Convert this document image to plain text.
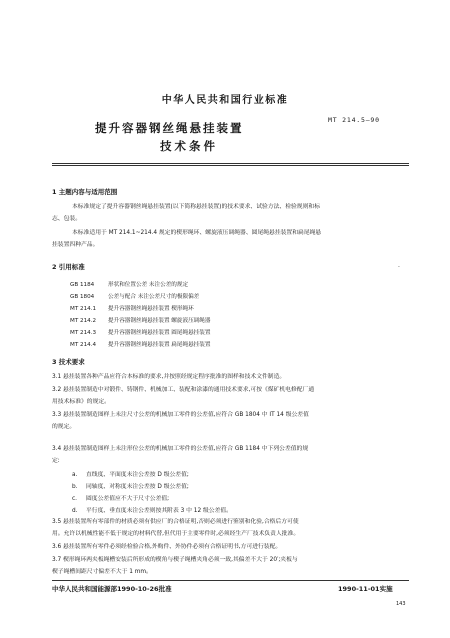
中华人民共和国行业标准
提升容器钢丝绳悬挂装置
技术条件
MT 214.5—90
1 主题内容与适用范围
本标准规定了提升容器钢丝绳悬挂装置(以下简称悬挂装置)的技术要求、试验方法、检验规则和标
志、包装。
本标准适用于 MT 214.1~214.4 规定的楔形绳环、螺旋液压调绳器、圆尾绳悬挂装置和扁尾绳悬
挂装置四种产品。
2 引用标准	·
GB 1184 形状和位置公差 未注公差的规定
GB 1804 公差与配合 未注公差尺寸的极限偏差
MT 214.1 提升容器钢丝绳悬挂装置 楔形绳环
MT 214.2 提升容器钢丝绳悬挂装置 螺旋液压调绳器
MT 214.3 提升容器钢丝绳悬挂装置 圆尾绳悬挂装置
MT 214.4 提升容器钢丝绳悬挂装置 扁尾绳悬挂装置
3 技术要求
3.1 悬挂装置各种产品应符合本标准的要求,并按照经规定程序批准的图样和技术文件制造。
3.2 悬挂装置制造中对锻件、铸钢件、机械加工、装配和涂漆的通用技术要求,可按《煤矿机电修配厂通
用技术标准》的规定。
3.3 悬挂装置制造图样上未注尺寸公差的机械加工零件的公差值,应符合 GB 1804 中 IT 14 级公差值
的规定。
3.4 悬挂装置制造图样上未注形位公差的机械加工零件的公差值,应符合 GB 1184 中下列公差值的规
定:
a. 直线度、平面度未注公差按 D 级公差值;
b. 同轴度、对称度未注公差按 D 级公差值;
c. 圆度公差值应不大于尺寸公差值;
d. 平行度、垂直度未注公差则按其附表 3 中 12 级公差值。
3.5 悬挂装置所有零部件的材质必须有供应厂的合格证明,否则必须进行鉴别和化验,合格后方可使
用。允许以机械性能不低于规定的材料代替,但代用于主要零件时,必须经生产厂技术负责人批准。
3.6 悬挂装置所有零件必须经检验合格,外购件、外协件必须有合格证明书,方可进行装配。
3.7 楔形绳环两夹板绳槽安装后所形成的楔角与楔子绳槽夹角必须一致,其偏差不大于 20′;夹板与
楔子绳槽间距尺寸偏差不大于 1 mm。
中华人民共和国能源部1990-10-26批准	1990-11-01实施
143
